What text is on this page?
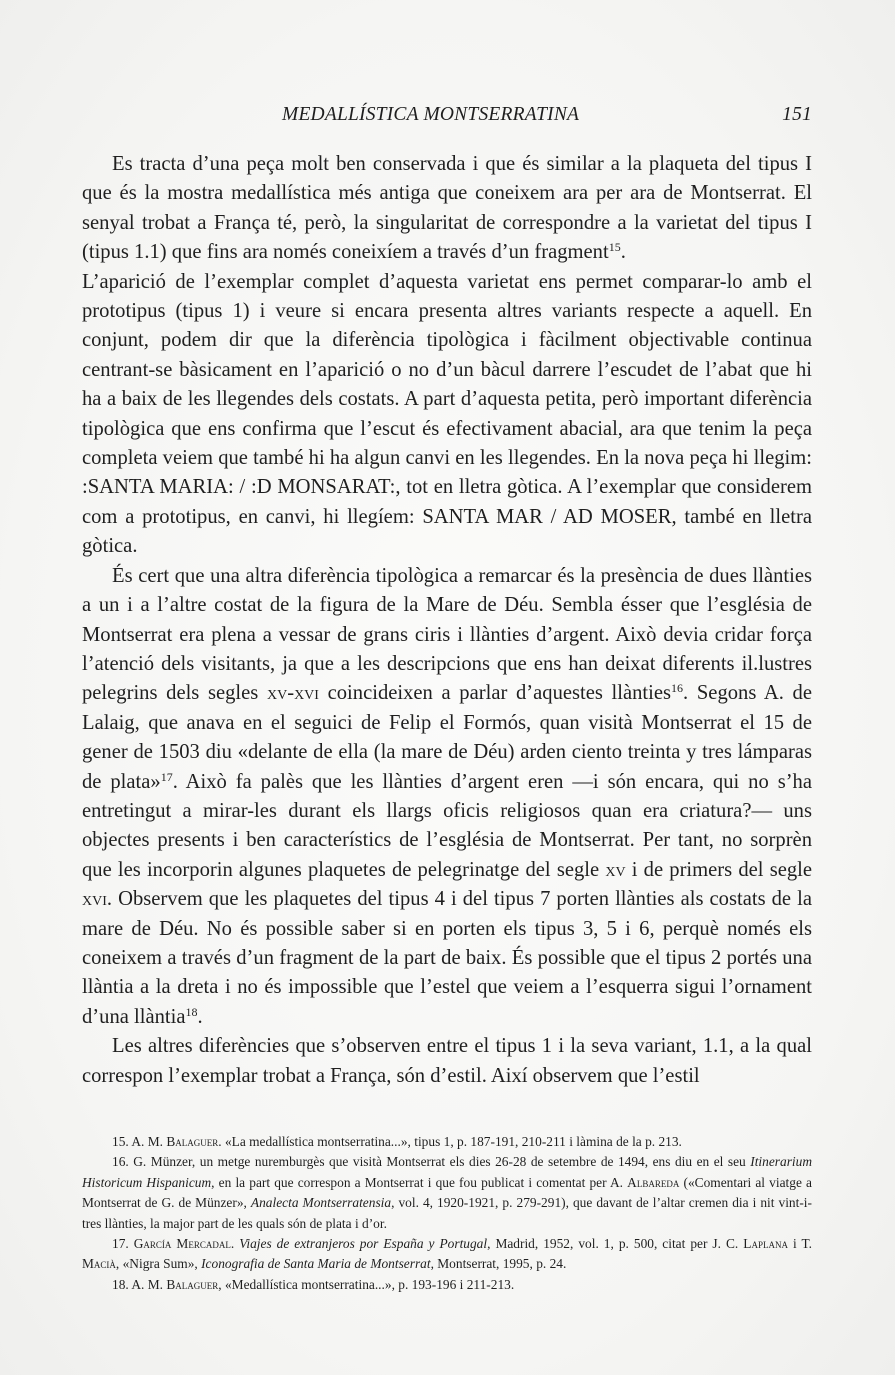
MEDALLÍSTICA MONTSERRATINA	151

Es tracta d’una peça molt ben conservada i que és similar a la plaqueta del tipus I que és la mostra medallística més antiga que coneixem ara per ara de Montserrat. El senyal trobat a França té, però, la singularitat de correspondre a la varietat del tipus I (tipus 1.1) que fins ara només coneixíem a través d’un fragment$^{15}$.

L’aparició de l’exemplar complet d’aquesta varietat ens permet comparar-lo amb el prototipus (tipus 1) i veure si encara presenta altres variants respecte a aquell. En conjunt, podem dir que la diferència tipològica i fàcilment objectivable continua centrant-se bàsicament en l’aparició o no d’un bàcul darrere l’escudet de l’abat que hi ha a baix de les llegendes dels costats. A part d’aquesta petita, però important diferència tipològica que ens confirma que l’escut és efectivament abacial, ara que tenim la peça completa veiem que també hi ha algun canvi en les llegendes. En la nova peça hi llegim: :SANTA MARIA: / :D MONSARAT:, tot en lletra gòtica. A l’exemplar que considerem com a prototipus, en canvi, hi llegíem: SANTA MAR / AD MOSER, també en lletra gòtica.

És cert que una altra diferència tipològica a remarcar és la presència de dues llànties a un i a l’altre costat de la figura de la Mare de Déu. Sembla ésser que l’església de Montserrat era plena a vessar de grans ciris i llànties d’argent. Això devia cridar força l’atenció dels visitants, ja que a les descripcions que ens han deixat diferents il.lustres pelegrins dels segles xv-xvi coincideixen a parlar d’aquestes llànties$^{16}$. Segons A. de Lalaig, que anava en el seguici de Felip el Formós, quan visità Montserrat el 15 de gener de 1503 diu «delante de ella (la mare de Déu) arden ciento treinta y tres lámparas de plata»$^{17}$. Això fa palès que les llànties d’argent eren —i són encara, qui no s’ha entretingut a mirar-les durant els llargs oficis religiosos quan era criatura?— uns objectes presents i ben característics de l’església de Montserrat. Per tant, no sorprèn que les incorporin algunes plaquetes de pelegrinatge del segle xv i de primers del segle xvi. Observem que les plaquetes del tipus 4 i del tipus 7 porten llànties als costats de la mare de Déu. No és possible saber si en porten els tipus 3, 5 i 6, perquè només els coneixem a través d’un fragment de la part de baix. És possible que el tipus 2 portés una llàntia a la dreta i no és impossible que l’estel que veiem a l’esquerra sigui l’ornament d’una llàntia$^{18}$.

Les altres diferències que s’observen entre el tipus 1 i la seva variant, 1.1, a la qual correspon l’exemplar trobat a França, són d’estil. Així observem que l’estil

15. A. M. Balaguer. «La medallística montserratina...», tipus 1, p. 187-191, 210-211 i làmina de la p. 213.

16. G. Münzer, un metge nuremburgès que visità Montserrat els dies 26-28 de setembre de 1494, ens diu en el seu Itinerarium Historicum Hispanicum, en la part que correspon a Montserrat i que fou publicat i comentat per A. Albareda («Comentari al viatge a Montserrat de G. de Münzer», Analecta Montserratensia, vol. 4, 1920-1921, p. 279-291), que davant de l’altar cremen dia i nit vint-i-tres llànties, la major part de les quals són de plata i d’or.

17. García Mercadal. Viajes de extranjeros por España y Portugal, Madrid, 1952, vol. 1, p. 500, citat per J. C. Laplana i T. Macià, «Nigra Sum», Iconografia de Santa Maria de Montserrat, Montserrat, 1995, p. 24.

18. A. M. Balaguer, «Medallística montserratina...», p. 193-196 i 211-213.
